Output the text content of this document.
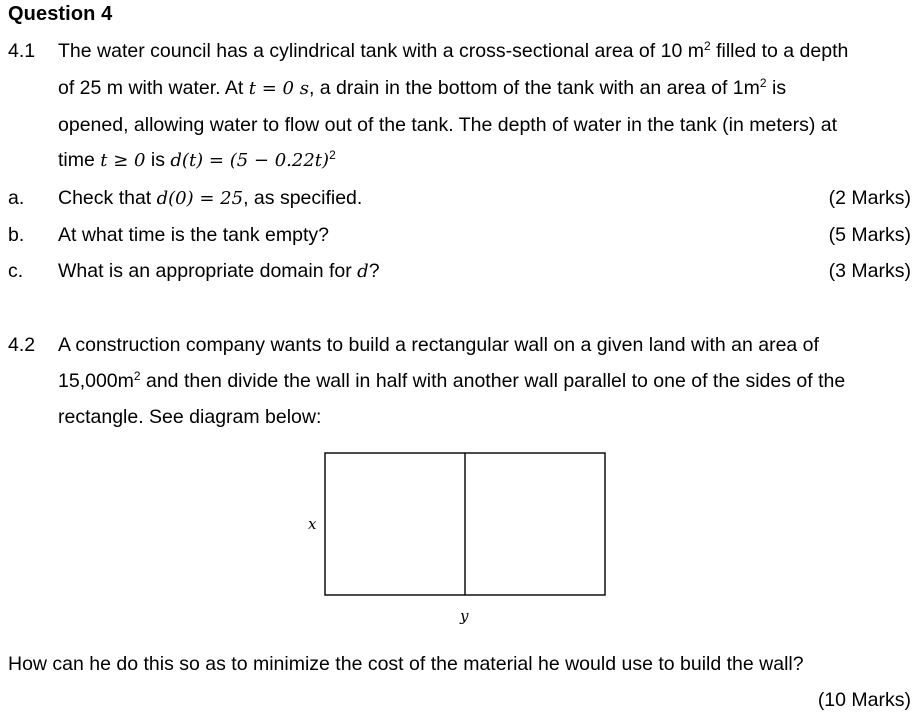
Question 4
4.1 The water council has a cylindrical tank with a cross-sectional area of 10 $m^2$ filled to a depth
of 25 m with water. At t = 0 s, a drain in the bottom of the tank with an area of $1m^2$ is
opened, allowing water to flow out of the tank. The depth of water in the tank (in meters) at
time t ≥ 0 is $d(t) = (5 - 0.22t)^2$
a. Check that d(0) = 25, as specified.	(2 Marks)
b. At what time is the tank empty?	(5 Marks)
c. What is an appropriate domain for d?	(3 Marks)
4.2 A construction company wants to build a rectangular wall on a given land with an area of
$15,000m^2$ and then divide the wall in half with another wall parallel to one of the sides of the
rectangle. See diagram below:
x
y
How can he do this so as to minimize the cost of the material he would use to build the wall?
(10 Marks)
